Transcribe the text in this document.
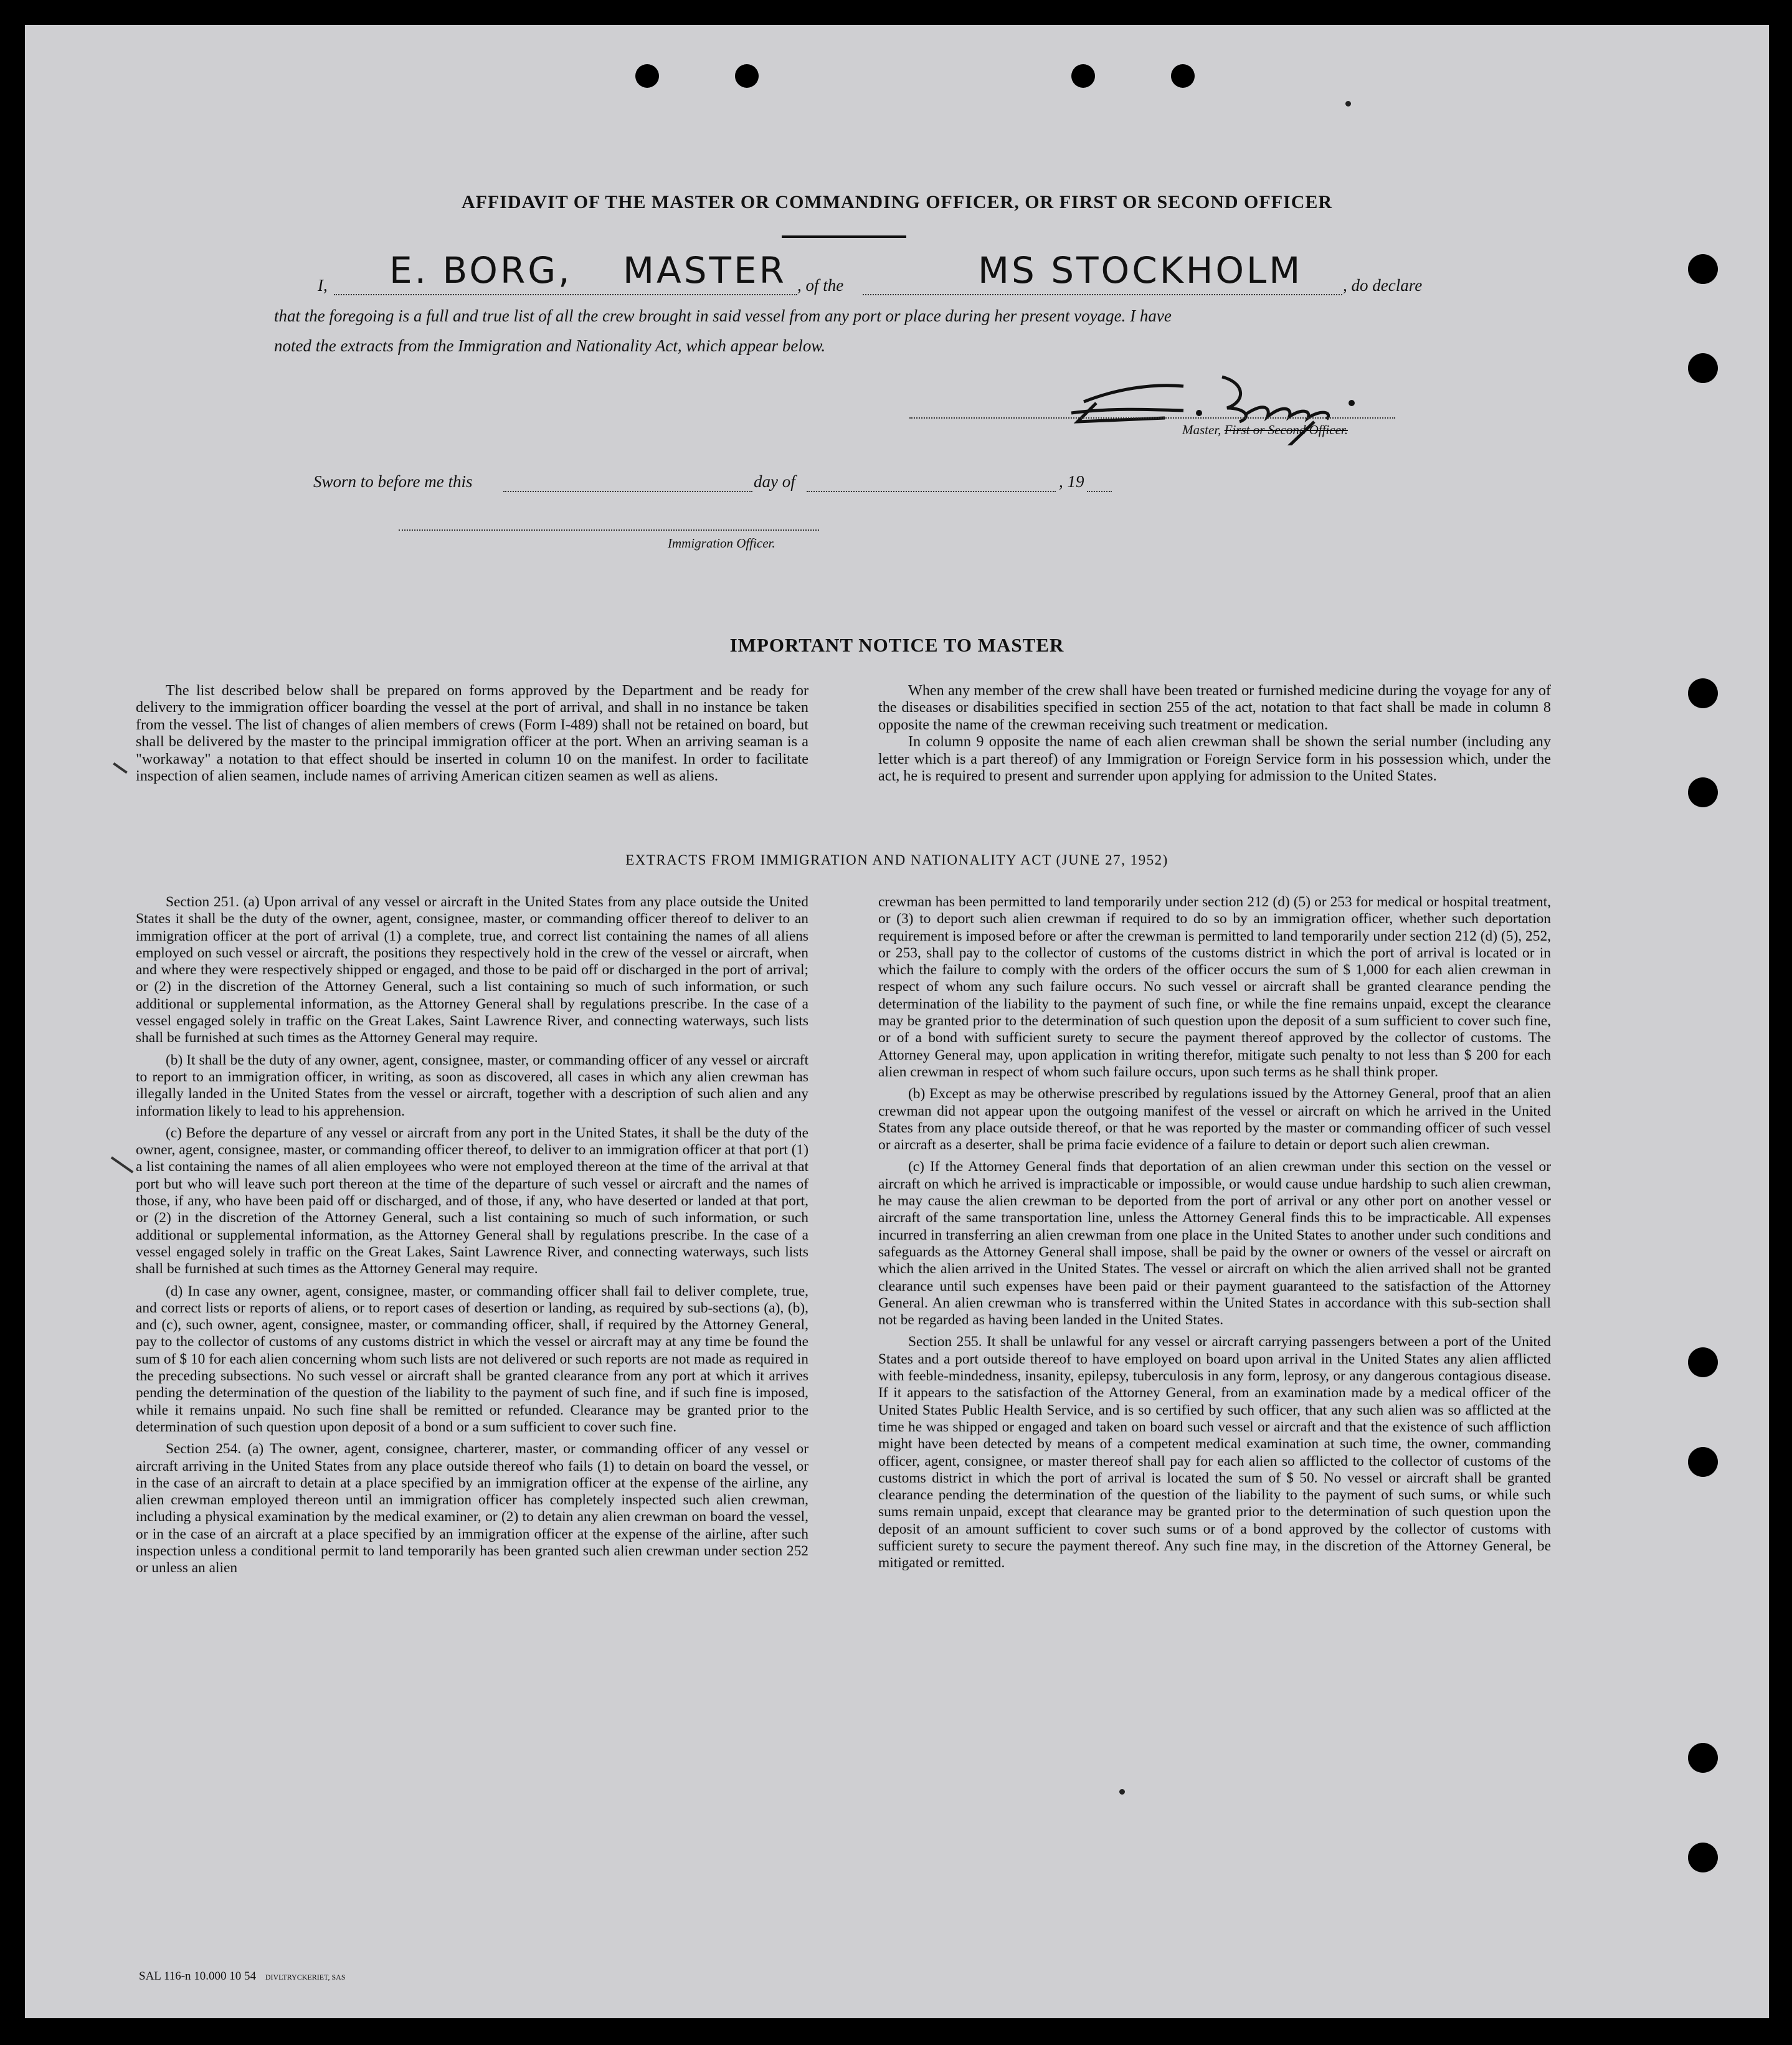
AFFIDAVIT OF THE MASTER OR COMMANDING OFFICER, OR FIRST OR SECOND OFFICER
I, E. BORG, MASTER , of the	MS STOCKHOLM , do declare
that the foregoing is a full and true list of all the crew brought in said vessel from any port or place during her present voyage. I have
noted the extracts from the Immigration and Nationality Act, which appear below.
Master, First or Second Officer.
Sworn to before me this	day of	, 19
Immigration Officer.
IMPORTANT NOTICE TO MASTER

The list described below shall be prepared on forms approved by the Department and be ready for delivery to the immigration officer boarding the vessel at the port of arrival, and shall in no instance be taken from the vessel. The list of changes of alien members of crews (Form I-489) shall not be retained on board, but shall be delivered by the master to the principal immigration officer at the port. When an arriving seaman is a "workaway" a notation to that effect should be inserted in column 10 on the manifest. In order to facilitate inspection of alien seamen, include names of arriving American citizen seamen as well as aliens.

When any member of the crew shall have been treated or furnished medicine during the voyage for any of the diseases or disabilities specified in section 255 of the act, notation to that fact shall be made in column 8 opposite the name of the crewman receiving such treatment or medication.

In column 9 opposite the name of each alien crewman shall be shown the serial number (including any letter which is a part thereof) of any Immigration or Foreign Service form in his possession which, under the act, he is required to present and surrender upon applying for admission to the United States.

EXTRACTS FROM IMMIGRATION AND NATIONALITY ACT (JUNE 27, 1952)

Section 251. (a) Upon arrival of any vessel or aircraft in the United States from any place outside the United States it shall be the duty of the owner, agent, consignee, master, or commanding officer thereof to deliver to an immigration officer at the port of arrival (1) a complete, true, and correct list containing the names of all aliens employed on such vessel or aircraft, the positions they respectively hold in the crew of the vessel or aircraft, when and where they were respectively shipped or engaged, and those to be paid off or discharged in the port of arrival; or (2) in the discretion of the Attorney General, such a list containing so much of such information, or such additional or supplemental information, as the Attorney General shall by regulations prescribe. In the case of a vessel engaged solely in traffic on the Great Lakes, Saint Lawrence River, and connecting waterways, such lists shall be furnished at such times as the Attorney General may require.

(b) It shall be the duty of any owner, agent, consignee, master, or commanding officer of any vessel or aircraft to report to an immigration officer, in writing, as soon as discovered, all cases in which any alien crewman has illegally landed in the United States from the vessel or aircraft, together with a description of such alien and any information likely to lead to his apprehension.

(c) Before the departure of any vessel or aircraft from any port in the United States, it shall be the duty of the owner, agent, consignee, master, or commanding officer thereof, to deliver to an immigration officer at that port (1) a list containing the names of all alien employees who were not employed thereon at the time of the arrival at that port but who will leave such port thereon at the time of the departure of such vessel or aircraft and the names of those, if any, who have been paid off or discharged, and of those, if any, who have deserted or landed at that port, or (2) in the discretion of the Attorney General, such a list containing so much of such information, or such additional or supplemental information, as the Attorney General shall by regulations prescribe. In the case of a vessel engaged solely in traffic on the Great Lakes, Saint Lawrence River, and connecting waterways, such lists shall be furnished at such times as the Attorney General may require.

(d) In case any owner, agent, consignee, master, or commanding officer shall fail to deliver complete, true, and correct lists or reports of aliens, or to report cases of desertion or landing, as required by sub-sections (a), (b), and (c), such owner, agent, consignee, master, or commanding officer, shall, if required by the Attorney General, pay to the collector of customs of any customs district in which the vessel or aircraft may at any time be found the sum of $ 10 for each alien concerning whom such lists are not delivered or such reports are not made as required in the preceding subsections. No such vessel or aircraft shall be granted clearance from any port at which it arrives pending the determination of the question of the liability to the payment of such fine, and if such fine is imposed, while it remains unpaid. No such fine shall be remitted or refunded. Clearance may be granted prior to the determination of such question upon deposit of a bond or a sum sufficient to cover such fine.

Section 254. (a) The owner, agent, consignee, charterer, master, or commanding officer of any vessel or aircraft arriving in the United States from any place outside thereof who fails (1) to detain on board the vessel, or in the case of an aircraft to detain at a place specified by an immigration officer at the expense of the airline, any alien crewman employed thereon until an immigration officer has completely inspected such alien crewman, including a physical examination by the medical examiner, or (2) to detain any alien crewman on board the vessel, or in the case of an aircraft at a place specified by an immigration officer at the expense of the airline, after such inspection unless a conditional permit to land temporarily has been granted such alien crewman under section 252 or unless an alien

crewman has been permitted to land temporarily under section 212 (d) (5) or 253 for medical or hospital treatment, or (3) to deport such alien crewman if required to do so by an immigration officer, whether such deportation requirement is imposed before or after the crewman is permitted to land temporarily under section 212 (d) (5), 252, or 253, shall pay to the collector of customs of the customs district in which the port of arrival is located or in which the failure to comply with the orders of the officer occurs the sum of $ 1,000 for each alien crewman in respect of whom any such failure occurs. No such vessel or aircraft shall be granted clearance pending the determination of the liability to the payment of such fine, or while the fine remains unpaid, except the clearance may be granted prior to the determination of such question upon the deposit of a sum sufficient to cover such fine, or of a bond with sufficient surety to secure the payment thereof approved by the collector of customs. The Attorney General may, upon application in writing therefor, mitigate such penalty to not less than $ 200 for each alien crewman in respect of whom such failure occurs, upon such terms as he shall think proper.

(b) Except as may be otherwise prescribed by regulations issued by the Attorney General, proof that an alien crewman did not appear upon the outgoing manifest of the vessel or aircraft on which he arrived in the United States from any place outside thereof, or that he was reported by the master or commanding officer of such vessel or aircraft as a deserter, shall be prima facie evidence of a failure to detain or deport such alien crewman.

(c) If the Attorney General finds that deportation of an alien crewman under this section on the vessel or aircraft on which he arrived is impracticable or impossible, or would cause undue hardship to such alien crewman, he may cause the alien crewman to be deported from the port of arrival or any other port on another vessel or aircraft of the same transportation line, unless the Attorney General finds this to be impracticable. All expenses incurred in transferring an alien crewman from one place in the United States to another under such conditions and safeguards as the Attorney General shall impose, shall be paid by the owner or owners of the vessel or aircraft on which the alien arrived in the United States. The vessel or aircraft on which the alien arrived shall not be granted clearance until such expenses have been paid or their payment guaranteed to the satisfaction of the Attorney General. An alien crewman who is transferred within the United States in accordance with this sub-section shall not be regarded as having been landed in the United States.

Section 255. It shall be unlawful for any vessel or aircraft carrying passengers between a port of the United States and a port outside thereof to have employed on board upon arrival in the United States any alien afflicted with feeble-mindedness, insanity, epilepsy, tuberculosis in any form, leprosy, or any dangerous contagious disease. If it appears to the satisfaction of the Attorney General, from an examination made by a medical officer of the United States Public Health Service, and is so certified by such officer, that any such alien was so afflicted at the time he was shipped or engaged and taken on board such vessel or aircraft and that the existence of such affliction might have been detected by means of a competent medical examination at such time, the owner, commanding officer, agent, consignee, or master thereof shall pay for each alien so afflicted to the collector of customs of the customs district in which the port of arrival is located the sum of $ 50. No vessel or aircraft shall be granted clearance pending the determination of the question of the liability to the payment of such sums, or while such sums remain unpaid, except that clearance may be granted prior to the determination of such question upon the deposit of an amount sufficient to cover such sums or of a bond approved by the collector of customs with sufficient surety to secure the payment thereof. Any such fine may, in the discretion of the Attorney General, be mitigated or remitted.

SAL 116-n 10.000 10 54 DIVLTRYCKERIET, SAS
